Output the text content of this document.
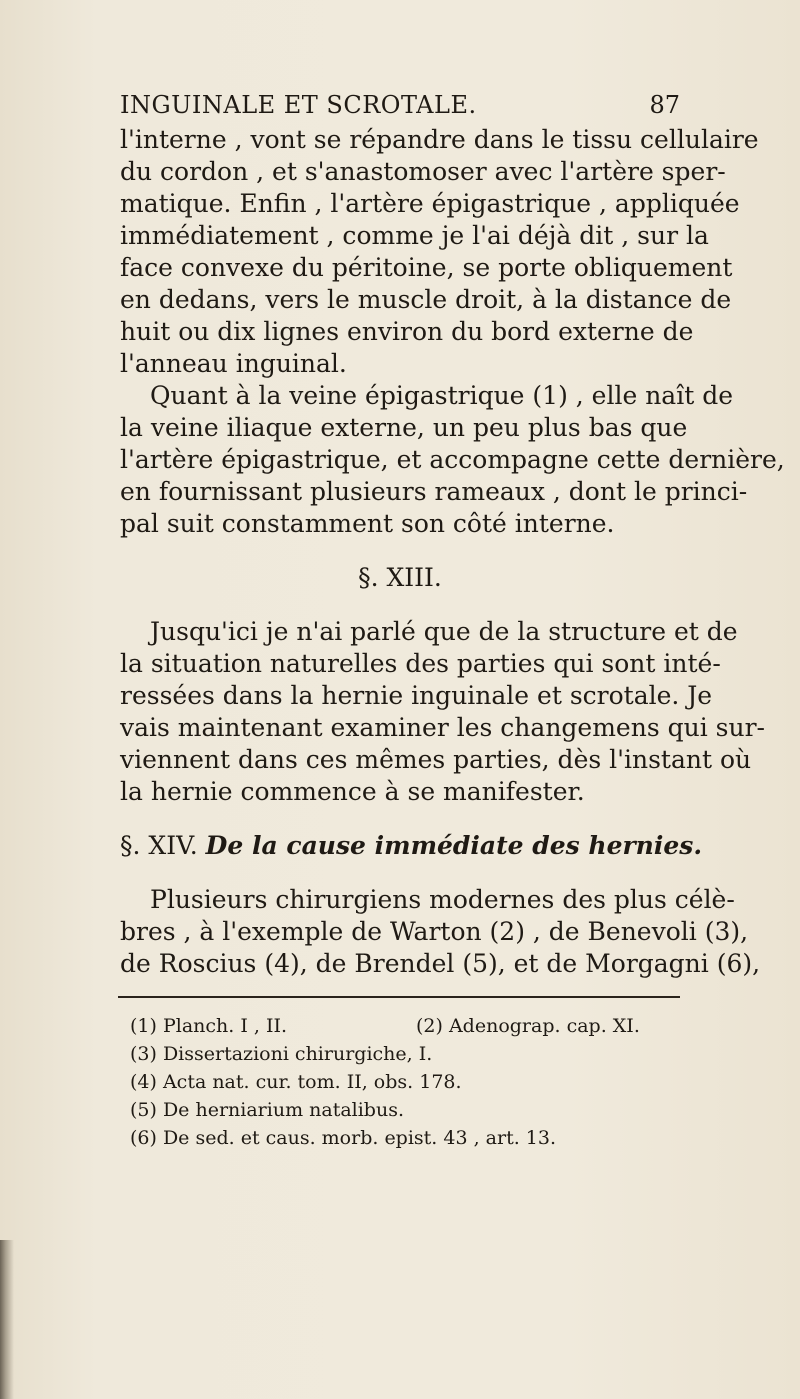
INGUINALE ET SCROTALE.	87
l'interne , vont se répandre dans le tissu cellulaire
du cordon , et s'anastomoser avec l'artère sper-
matique. Enfin , l'artère épigastrique , appliquée
immédiatement , comme je l'ai déjà dit , sur la
face convexe du péritoine, se porte obliquement
en dedans, vers le muscle droit, à la distance de
huit ou dix lignes environ du bord externe de
l'anneau inguinal.
Quant à la veine épigastrique (1) , elle naît de
la veine iliaque externe, un peu plus bas que
l'artère épigastrique, et accompagne cette dernière,
en fournissant plusieurs rameaux , dont le princi-
pal suit constamment son côté interne.
§. XIII.
Jusqu'ici je n'ai parlé que de la structure et de
la situation naturelles des parties qui sont inté-
ressées dans la hernie inguinale et scrotale. Je
vais maintenant examiner les changemens qui sur-
viennent dans ces mêmes parties, dès l'instant où
la hernie commence à se manifester.
§. XIV. De la cause immédiate des hernies.
Plusieurs chirurgiens modernes des plus célè-
bres , à l'exemple de Warton (2) , de Benevoli (3),
de Roscius (4), de Brendel (5), et de Morgagni (6),
(1) Planch. I , II.	(2) Adenograp. cap. XI.
(3) Dissertazioni chirurgiche, I.
(4) Acta nat. cur. tom. II, obs. 178.
(5) De herniarium natalibus.
(6) De sed. et caus. morb. epist. 43 , art. 13.
